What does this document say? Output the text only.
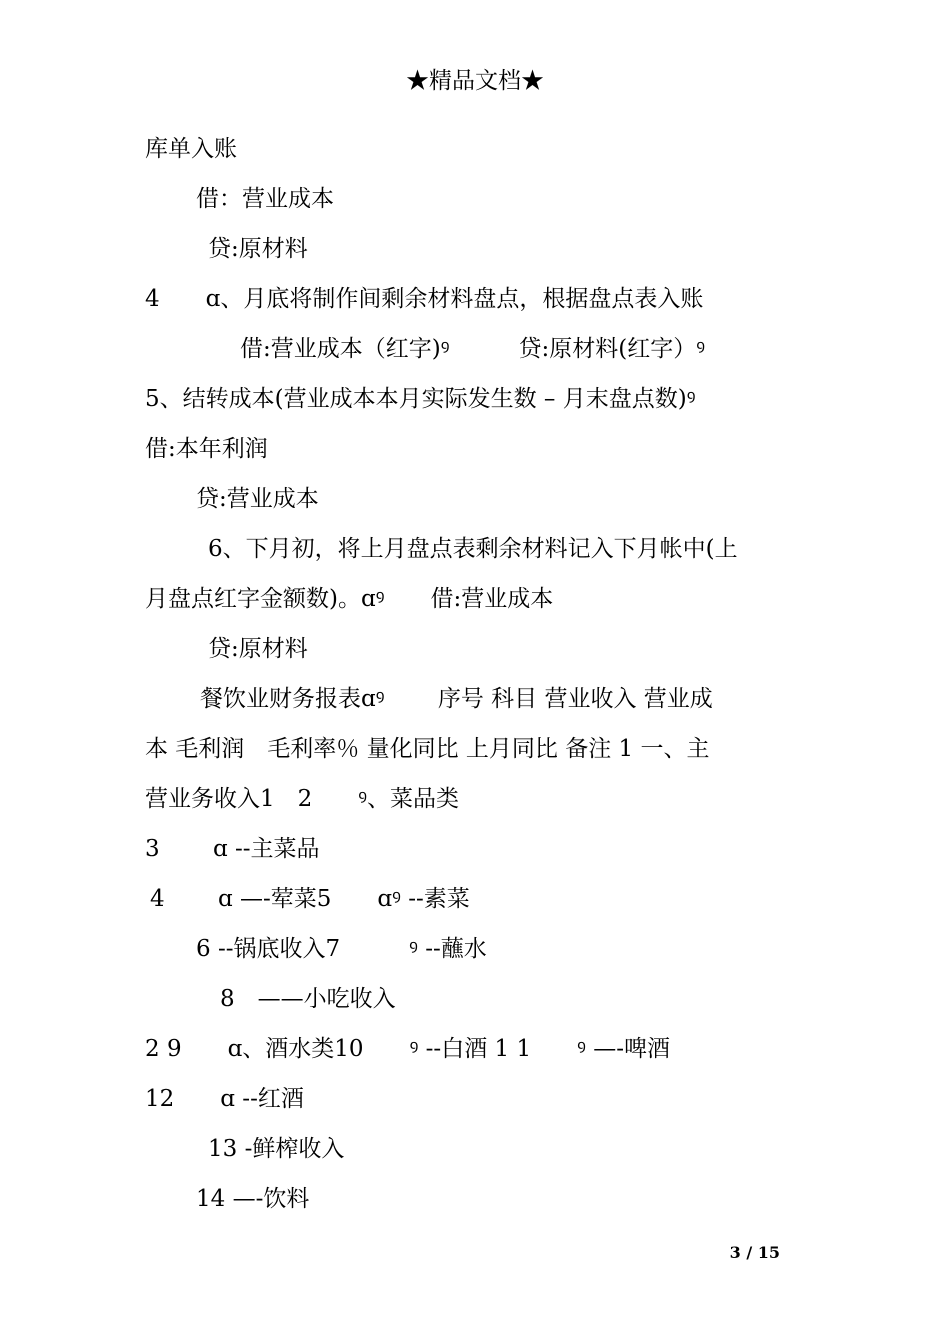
★精品文档★
库单入账
借：营业成本
贷:原材料
4　　ɑ、月底将制作间剩余材料盘点，根据盘点表入账
借:营业成本（红字)ꝰ　　　贷:原材料(红字）ꝰ
5、结转成本(营业成本本月实际发生数 – 月末盘点数)ꝰ
借:本年利润
贷:营业成本
6、下月初，将上月盘点表剩余材料记入下月帐中(上
月盘点红字金额数)。ɑꝰ　　借:营业成本
贷:原材料
餐饮业财务报表ɑꝰ　　 序号 科目 营业收入 营业成
本 毛利润　毛利率％ 量化同比 上月同比 备注 1 一、主
营业务收入1　2　　ꝰ、菜品类
3　　 ɑ --主菜品
4　　 ɑ —-荤菜5　　ɑꝰ --素菜
6 --锅底收入7　　　ꝰ --蘸水
8　——小吃收入
2 9　　ɑ、酒水类10　　ꝰ --白酒 1 1　　ꝰ —-啤酒
12　　ɑ --红酒
13 -鲜榨收入
14 —-饮料
3 / 15
